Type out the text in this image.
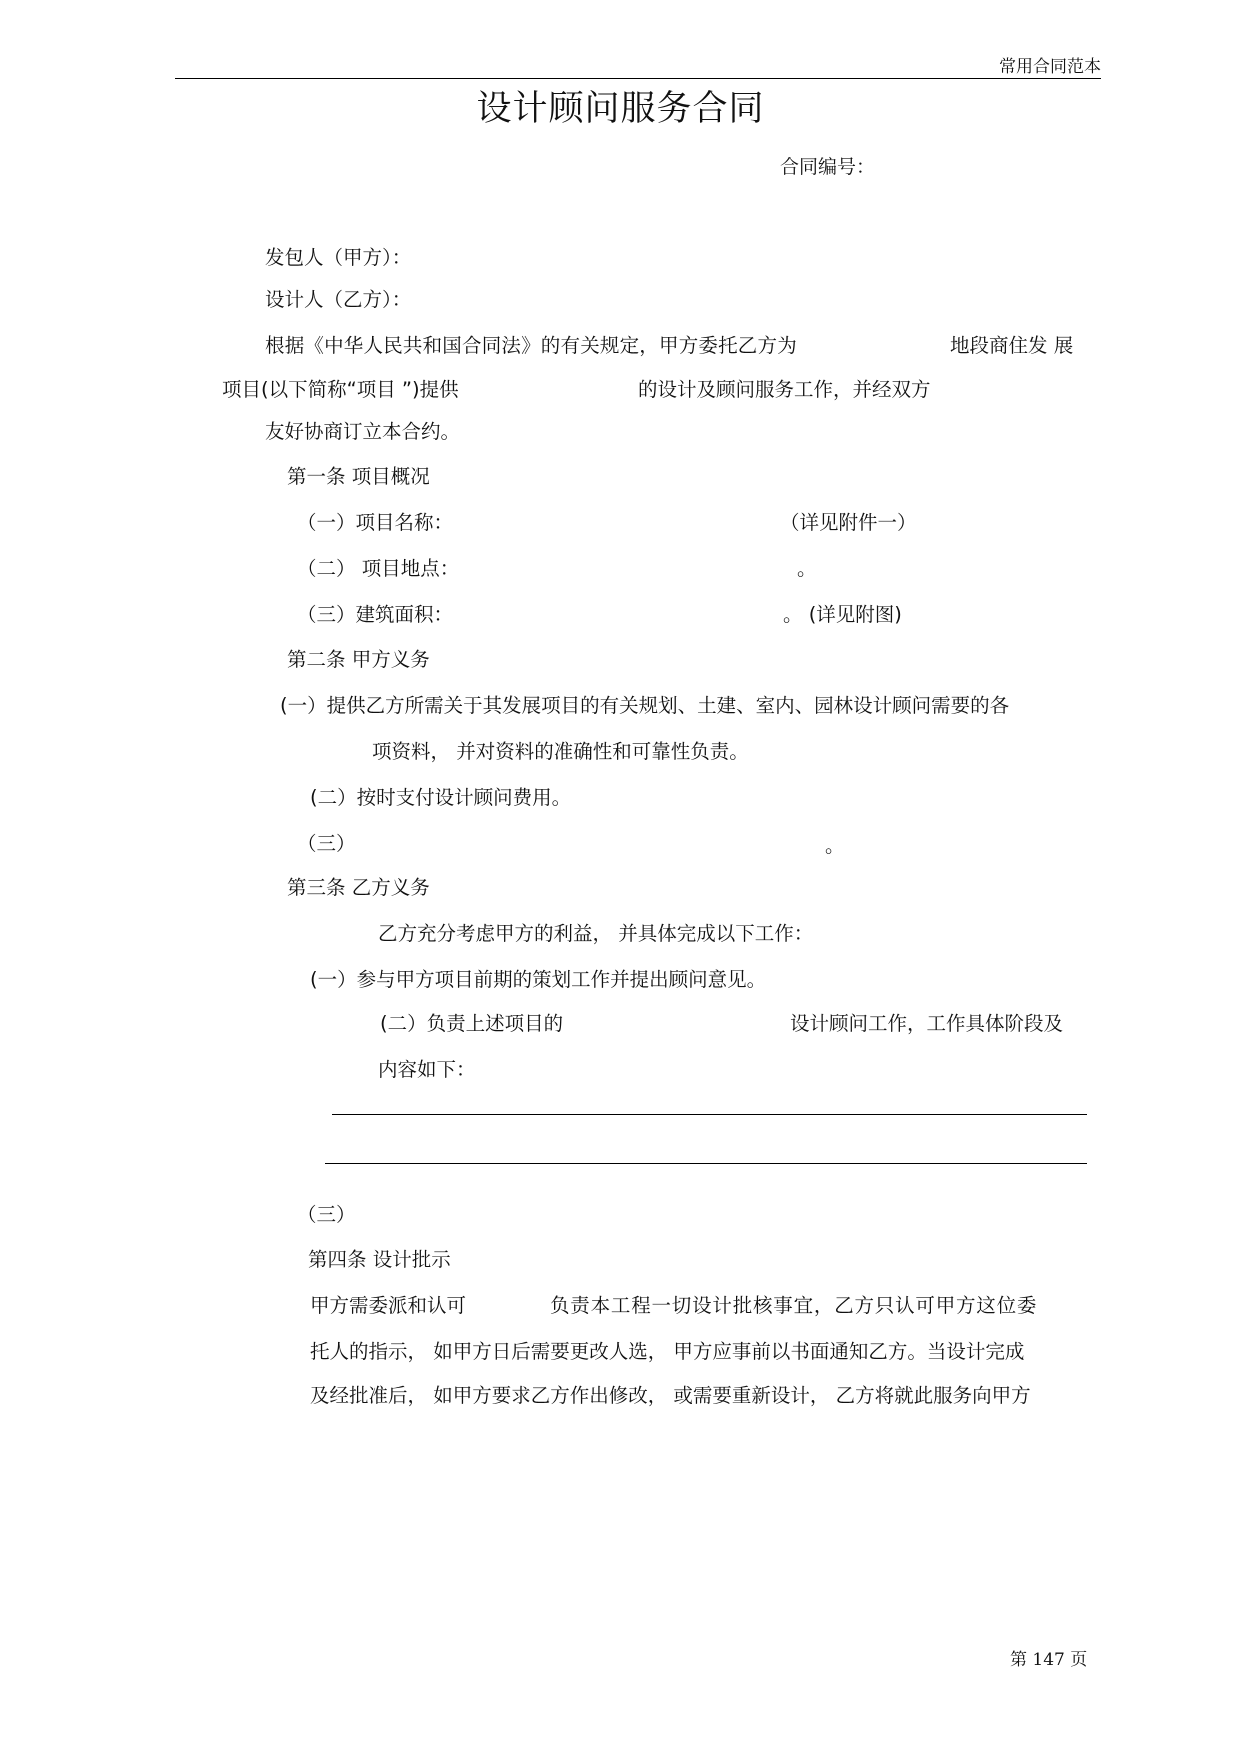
常用合同范本
设计顾问服务合同
合同编号：
发包人（甲方）：
设计人（乙方）：
根据《中华人民共和国合同法》的有关规定，甲方委托乙方为	地段商住发 展
项目(以下简称“项目 ”)提供	的设计及顾问服务工作，并经双方
友好协商订立本合约。
第一条 项目概况
（一）项目名称：	（详见附件一）
（二） 项目地点：	。
（三）建筑面积：	。 (详见附图)
第二条 甲方义务
(一）提供乙方所需关于其发展项目的有关规划、土建、室内、园林设计顾问需要的各
项资料， 并对资料的准确性和可靠性负责。
(二）按时支付设计顾问费用。
（三）	。
第三条 乙方义务
乙方充分考虑甲方的利益， 并具体完成以下工作：
(一）参与甲方项目前期的策划工作并提出顾问意见。
(二）负责上述项目的	设计顾问工作，工作具体阶段及
内容如下：
（三）
第四条 设计批示
甲方需委派和认可	负责本工程一切设计批核事宜，乙方只认可甲方这位委
托人的指示， 如甲方日后需要更改人选， 甲方应事前以书面通知乙方。当设计完成
及经批准后， 如甲方要求乙方作出修改， 或需要重新设计， 乙方将就此服务向甲方
第 147 页
